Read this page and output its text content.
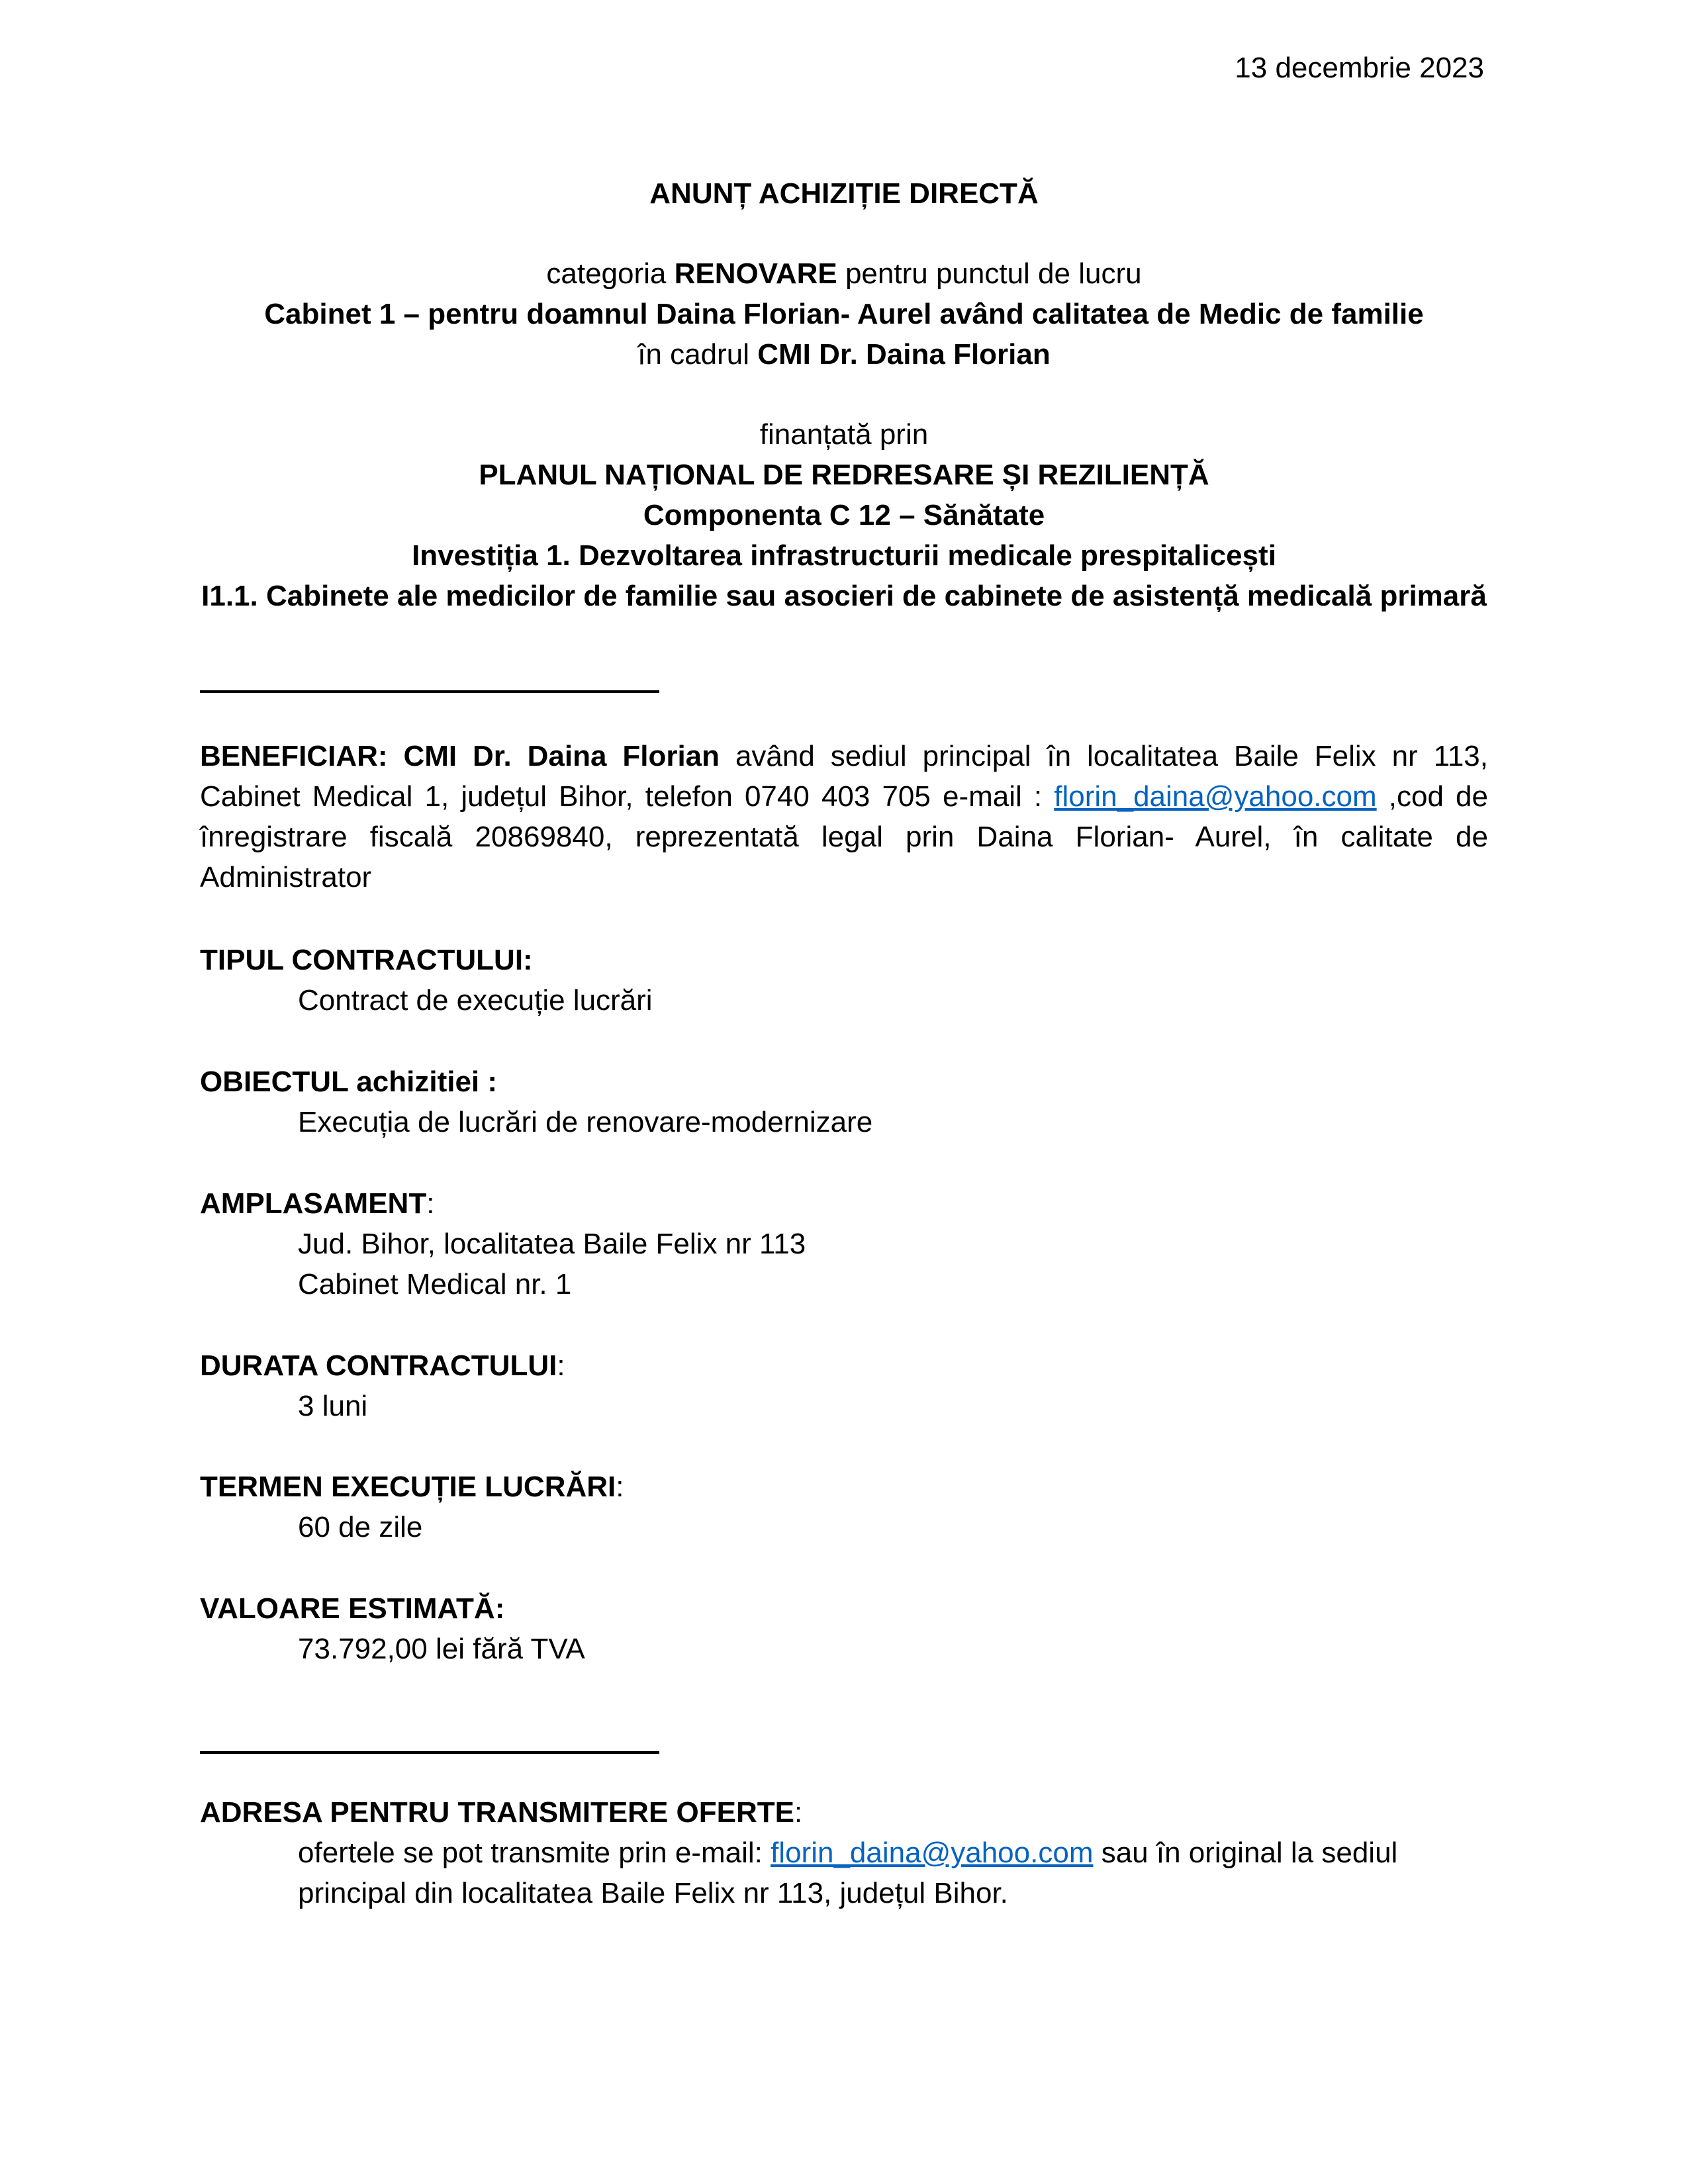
13 decembrie 2023
ANUNȚ ACHIZIȚIE DIRECTĂ
categoria RENOVARE pentru punctul de lucru
Cabinet 1 – pentru doamnul Daina Florian- Aurel având calitatea de Medic de familie
în cadrul CMI Dr. Daina Florian
finanțată prin
PLANUL NAȚIONAL DE REDRESARE ȘI REZILIENȚĂ
Componenta C 12 – Sănătate
Investiția 1. Dezvoltarea infrastructurii medicale prespitalicești
I1.1. Cabinete ale medicilor de familie sau asocieri de cabinete de asistență medicală primară
BENEFICIAR: CMI Dr. Daina Florian având sediul principal în localitatea Baile Felix nr 113, Cabinet Medical 1, județul Bihor, telefon 0740 403 705 e-mail : florin_daina@yahoo.com ,cod de înregistrare fiscală 20869840, reprezentată legal prin Daina Florian- Aurel, în calitate de Administrator
TIPUL CONTRACTULUI:
Contract de execuție lucrări
OBIECTUL achizitiei :
Execuția de lucrări de renovare-modernizare
AMPLASAMENT:
Jud. Bihor, localitatea Baile Felix nr 113
Cabinet Medical nr. 1
DURATA CONTRACTULUI:
3 luni
TERMEN EXECUȚIE LUCRĂRI:
60 de zile
VALOARE ESTIMATĂ:
73.792,00 lei fără TVA
ADRESA PENTRU TRANSMITERE OFERTE:
ofertele se pot transmite prin e-mail: florin_daina@yahoo.com sau în original la sediul principal din localitatea Baile Felix nr 113, județul Bihor.
